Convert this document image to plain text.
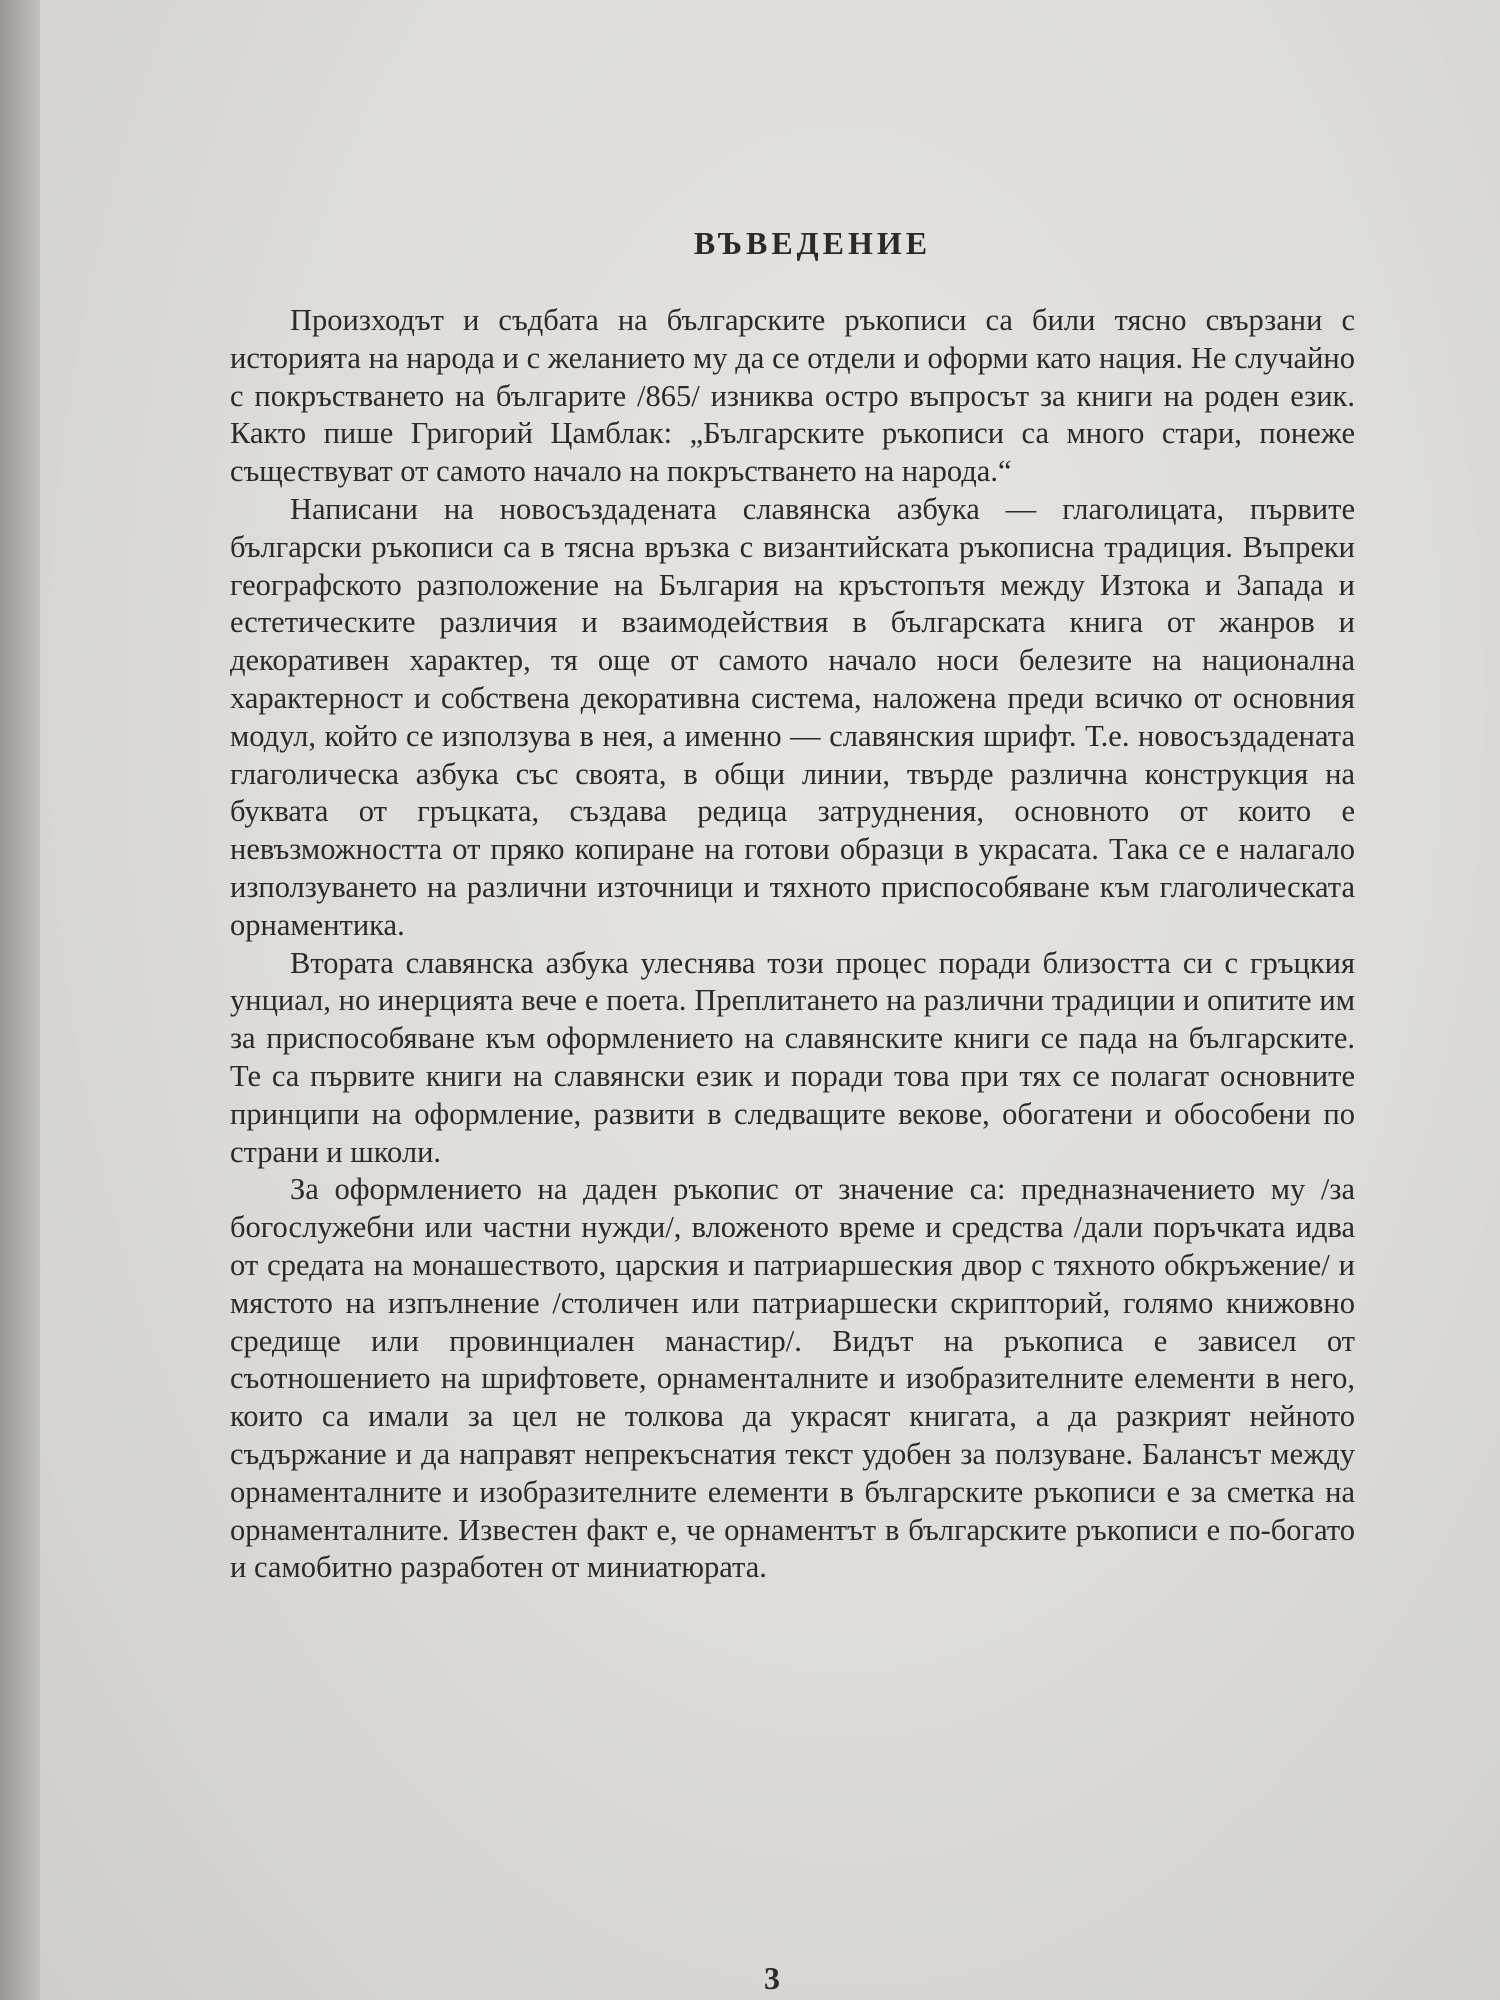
ВЪВЕДЕНИЕ

Произходът и съдбата на българските ръкописи са били тясно свързани с историята на народа и с желанието му да се отдели и оформи като нация. Не случайно с покръстването на българите /865/ изниква остро въпросът за книги на роден език. Както пише Григорий Цамблак: „Българските ръкописи са много стари, понеже съществуват от самото начало на покръстването на народа.“

Написани на новосъздадената славянска азбука — глаголицата, първите български ръкописи са в тясна връзка с византийската ръкописна традиция. Въпреки географското разположение на България на кръстопътя между Изтока и Запада и естетическите различия и взаимодействия в българската книга от жанров и декоративен характер, тя още от самото начало носи белезите на национална характерност и собствена декоративна система, наложена преди всичко от основния модул, който се използува в нея, а именно — славянския шрифт. Т.е. новосъздадената глаголическа азбука със своята, в общи линии, твърде различна конструкция на буквата от гръцката, създава редица затруднения, основното от които е невъзможността от пряко копиране на готови образци в украсата. Така се е налагало използуването на различни източници и тяхното приспособяване към глаголическата орнаментика.

Втората славянска азбука улеснява този процес поради близостта си с гръцкия унциал, но инерцията вече е поета. Преплитането на различни традиции и опитите им за приспособяване към оформлението на славянските книги се пада на българските. Те са първите книги на славянски език и поради това при тях се полагат основните принципи на оформление, развити в следващите векове, обогатени и обособени по страни и школи.

За оформлението на даден ръкопис от значение са: предназначението му /за богослужебни или частни нужди/, вложеното време и средства /дали поръчката идва от средата на монашеството, царския и патриаршеския двор с тяхното обкръжение/ и мястото на изпълнение /столичен или патриаршески скрипторий, голямо книжовно средище или провинциален манастир/. Видът на ръкописа е зависел от съотношението на шрифтовете, орнаменталните и изобразителните елементи в него, които са имали за цел не толкова да украсят книгата, а да разкрият нейното съдържание и да направят непрекъснатия текст удобен за ползуване. Балансът между орнаменталните и изобразителните елементи в българските ръкописи е за сметка на орнаменталните. Известен факт е, че орнаментът в българските ръкописи е по-богато и самобитно разработен от миниатюрата.

3
